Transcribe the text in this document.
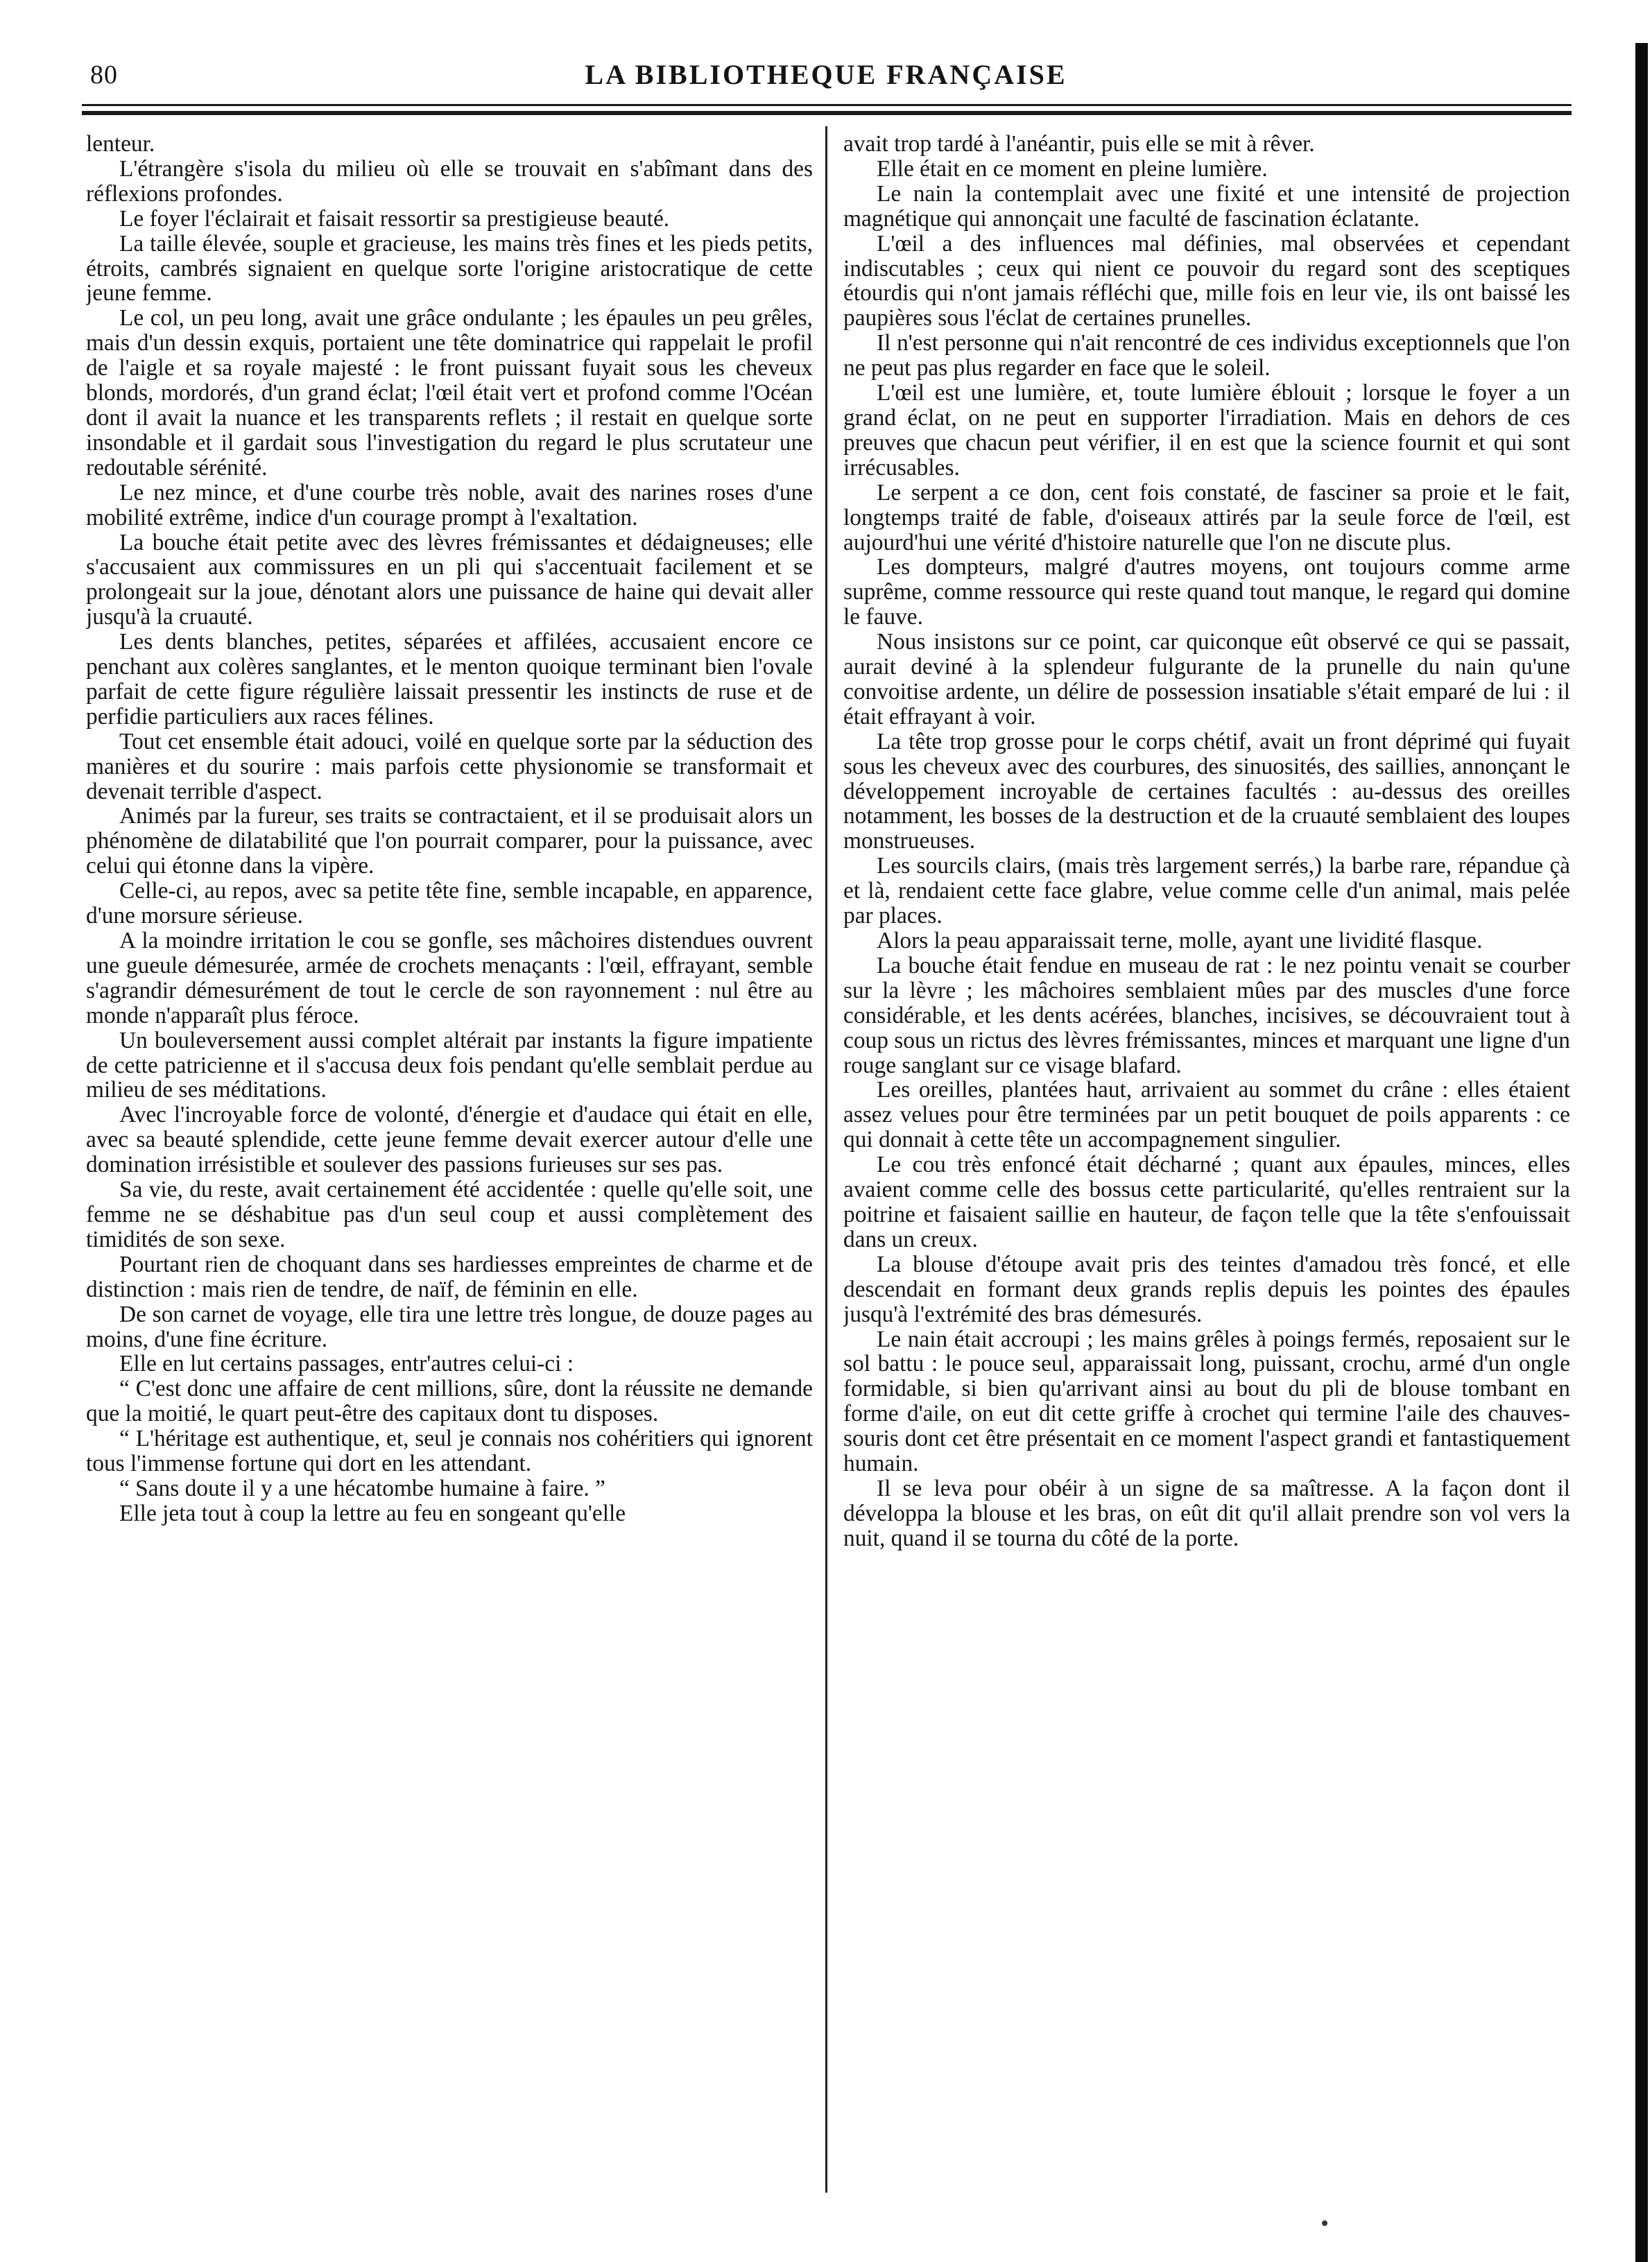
80	LA BIBLIOTHEQUE FRANÇAISE

lenteur.

L'étrangère s'isola du milieu où elle se trouvait en s'abîmant dans des réflexions profondes.

Le foyer l'éclairait et faisait ressortir sa prestigieuse beauté.

La taille élevée, souple et gracieuse, les mains très fines et les pieds petits, étroits, cambrés signaient en quelque sorte l'origine aristocratique de cette jeune femme.

Le col, un peu long, avait une grâce ondulante ; les épaules un peu grêles, mais d'un dessin exquis, portaient une tête dominatrice qui rappelait le profil de l'aigle et sa royale majesté : le front puissant fuyait sous les cheveux blonds, mordorés, d'un grand éclat; l'œil était vert et profond comme l'Océan dont il avait la nuance et les transparents reflets ; il restait en quelque sorte insondable et il gardait sous l'investigation du regard le plus scrutateur une redoutable sérénité.

Le nez mince, et d'une courbe très noble, avait des narines roses d'une mobilité extrême, indice d'un courage prompt à l'exaltation.

La bouche était petite avec des lèvres frémissantes et dédaigneuses; elle s'accusaient aux commissures en un pli qui s'accentuait facilement et se prolongeait sur la joue, dénotant alors une puissance de haine qui devait aller jusqu'à la cruauté.

Les dents blanches, petites, séparées et affilées, accusaient encore ce penchant aux colères sanglantes, et le menton quoique terminant bien l'ovale parfait de cette figure régulière laissait pressentir les instincts de ruse et de perfidie particuliers aux races félines.

Tout cet ensemble était adouci, voilé en quelque sorte par la séduction des manières et du sourire : mais parfois cette physionomie se transformait et devenait terrible d'aspect.

Animés par la fureur, ses traits se contractaient, et il se produisait alors un phénomène de dilatabilité que l'on pourrait comparer, pour la puissance, avec celui qui étonne dans la vipère.

Celle-ci, au repos, avec sa petite tête fine, semble incapable, en apparence, d'une morsure sérieuse.

A la moindre irritation le cou se gonfle, ses mâchoires distendues ouvrent une gueule démesurée, armée de crochets menaçants : l'œil, effrayant, semble s'agrandir démesurément de tout le cercle de son rayonnement : nul être au monde n'apparaît plus féroce.

Un bouleversement aussi complet altérait par instants la figure impatiente de cette patricienne et il s'accusa deux fois pendant qu'elle semblait perdue au milieu de ses méditations.

Avec l'incroyable force de volonté, d'énergie et d'audace qui était en elle, avec sa beauté splendide, cette jeune femme devait exercer autour d'elle une domination irrésistible et soulever des passions furieuses sur ses pas.

Sa vie, du reste, avait certainement été accidentée : quelle qu'elle soit, une femme ne se déshabitue pas d'un seul coup et aussi complètement des timidités de son sexe.

Pourtant rien de choquant dans ses hardiesses empreintes de charme et de distinction : mais rien de tendre, de naïf, de féminin en elle.

De son carnet de voyage, elle tira une lettre très longue, de douze pages au moins, d'une fine écriture.

Elle en lut certains passages, entr'autres celui-ci :

“ C'est donc une affaire de cent millions, sûre, dont la réussite ne demande que la moitié, le quart peut-être des capitaux dont tu disposes.

“ L'héritage est authentique, et, seul je connais nos cohéritiers qui ignorent tous l'immense fortune qui dort en les attendant.

“ Sans doute il y a une hécatombe humaine à faire. ”

Elle jeta tout à coup la lettre au feu en songeant qu'elle

avait trop tardé à l'anéantir, puis elle se mit à rêver.

Elle était en ce moment en pleine lumière.

Le nain la contemplait avec une fixité et une intensité de projection magnétique qui annonçait une faculté de fascination éclatante.

L'œil a des influences mal définies, mal observées et cependant indiscutables ; ceux qui nient ce pouvoir du regard sont des sceptiques étourdis qui n'ont jamais réfléchi que, mille fois en leur vie, ils ont baissé les paupières sous l'éclat de certaines prunelles.

Il n'est personne qui n'ait rencontré de ces individus exceptionnels que l'on ne peut pas plus regarder en face que le soleil.

L'œil est une lumière, et, toute lumière éblouit ; lorsque le foyer a un grand éclat, on ne peut en supporter l'irradiation. Mais en dehors de ces preuves que chacun peut vérifier, il en est que la science fournit et qui sont irrécusables.

Le serpent a ce don, cent fois constaté, de fasciner sa proie et le fait, longtemps traité de fable, d'oiseaux attirés par la seule force de l'œil, est aujourd'hui une vérité d'histoire naturelle que l'on ne discute plus.

Les dompteurs, malgré d'autres moyens, ont toujours comme arme suprême, comme ressource qui reste quand tout manque, le regard qui domine le fauve.

Nous insistons sur ce point, car quiconque eût observé ce qui se passait, aurait deviné à la splendeur fulgurante de la prunelle du nain qu'une convoitise ardente, un délire de possession insatiable s'était emparé de lui : il était effrayant à voir.

La tête trop grosse pour le corps chétif, avait un front déprimé qui fuyait sous les cheveux avec des courbures, des sinuosités, des saillies, annonçant le développement incroyable de certaines facultés : au-dessus des oreilles notamment, les bosses de la destruction et de la cruauté semblaient des loupes monstrueuses.

Les sourcils clairs, (mais très largement serrés,) la barbe rare, répandue çà et là, rendaient cette face glabre, velue comme celle d'un animal, mais pelée par places.

Alors la peau apparaissait terne, molle, ayant une lividité flasque.

La bouche était fendue en museau de rat : le nez pointu venait se courber sur la lèvre ; les mâchoires semblaient mûes par des muscles d'une force considérable, et les dents acérées, blanches, incisives, se découvraient tout à coup sous un rictus des lèvres frémissantes, minces et marquant une ligne d'un rouge sanglant sur ce visage blafard.

Les oreilles, plantées haut, arrivaient au sommet du crâne : elles étaient assez velues pour être terminées par un petit bouquet de poils apparents : ce qui donnait à cette tête un accompagnement singulier.

Le cou très enfoncé était décharné ; quant aux épaules, minces, elles avaient comme celle des bossus cette particularité, qu'elles rentraient sur la poitrine et faisaient saillie en hauteur, de façon telle que la tête s'enfouissait dans un creux.

La blouse d'étoupe avait pris des teintes d'amadou très foncé, et elle descendait en formant deux grands replis depuis les pointes des épaules jusqu'à l'extrémité des bras démesurés.

Le nain était accroupi ; les mains grêles à poings fermés, reposaient sur le sol battu : le pouce seul, apparaissait long, puissant, crochu, armé d'un ongle formidable, si bien qu'arrivant ainsi au bout du pli de blouse tombant en forme d'aile, on eut dit cette griffe à crochet qui termine l'aile des chauves-souris dont cet être présentait en ce moment l'aspect grandi et fantastiquement humain.

Il se leva pour obéir à un signe de sa maîtresse. A la façon dont il développa la blouse et les bras, on eût dit qu'il allait prendre son vol vers la nuit, quand il se tourna du côté de la porte.
